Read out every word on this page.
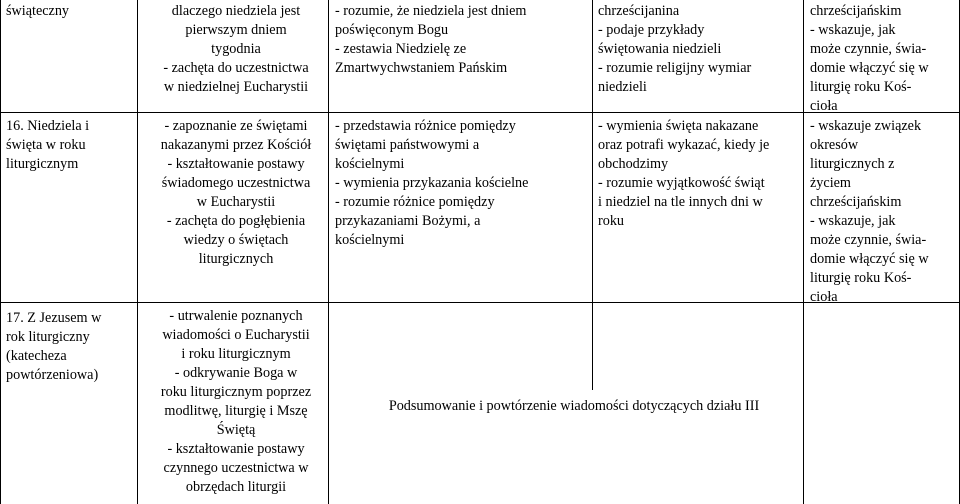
świąteczny	dlaczego niedziela jest
pierwszym dniem
tygodnia
- zachęta do uczestnictwa
w niedzielnej Eucharystii
- rozumie, że niedziela jest dniem
poświęconym Bogu
- zestawia Niedzielę ze
Zmartwychwstaniem Pańskim
chrześcijanina
- podaje przykłady
świętowania niedzieli
- rozumie religijny wymiar
niedzieli
chrześcijańskim
- wskazuje, jak
może czynnie, świa-
domie włączyć się w
liturgię roku Koś-
cioła
16. Niedziela i
święta w roku
liturgicznym
- zapoznanie ze świętami
nakazanymi przez Kościół
- kształtowanie postawy
świadomego uczestnictwa
w Eucharystii
- zachęta do pogłębienia
wiedzy o świętach
liturgicznych
- przedstawia różnice pomiędzy
świętami państwowymi a
kościelnymi
- wymienia przykazania kościelne
- rozumie różnice pomiędzy
przykazaniami Bożymi, a
kościelnymi
- wymienia święta nakazane
oraz potrafi wykazać, kiedy je
obchodzimy
- rozumie wyjątkowość świąt
i niedziel na tle innych dni w
roku
- wskazuje związek
okresów
liturgicznych z
życiem
chrześcijańskim
- wskazuje, jak
może czynnie, świa-
domie włączyć się w
liturgię roku Koś-
cioła
17. Z Jezusem w
rok liturgiczny
(katecheza
powtórzeniowa)
- utrwalenie poznanych
wiadomości o Eucharystii
i roku liturgicznym
- odkrywanie Boga w
roku liturgicznym poprzez
modlitwę, liturgię i Mszę
Świętą
- kształtowanie postawy
czynnego uczestnictwa w
obrzędach liturgii
Podsumowanie i powtórzenie wiadomości dotyczących działu III
